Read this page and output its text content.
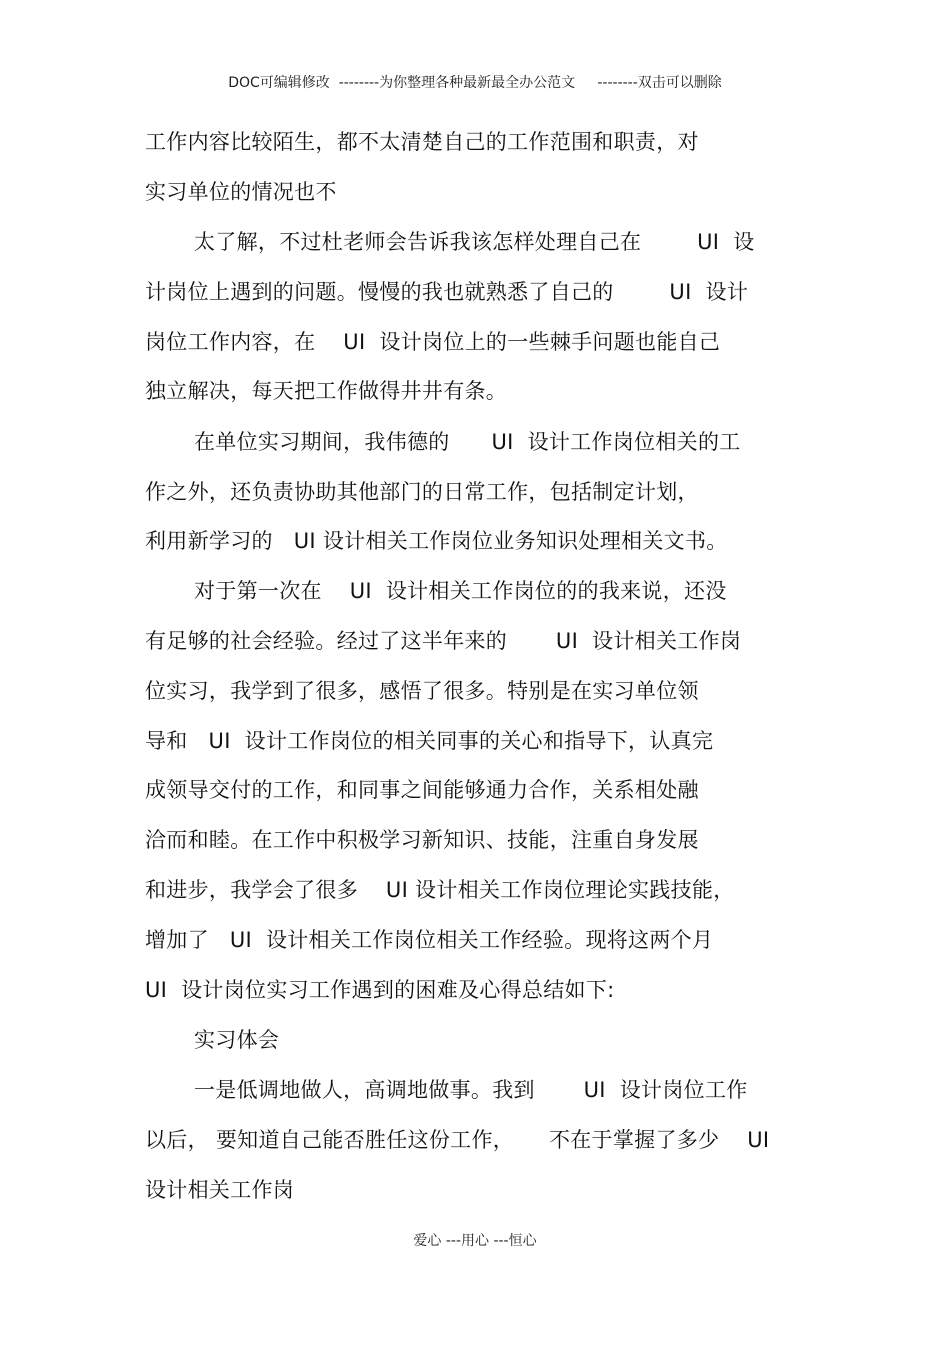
DOC可编辑修改  --------为你整理各种最新最全办公范文     --------双击可以删除
工作内容比较陌生，都不太清楚自己的工作范围和职责，对
实习单位的情况也不
太了解，不过杜老师会告诉我该怎样处理自己在        UI  设
计岗位上遇到的问题。慢慢的我也就熟悉了自己的        UI  设计
岗位工作内容，在    UI  设计岗位上的一些棘手问题也能自己
独立解决，每天把工作做得井井有条。
在单位实习期间，我伟德的      UI  设计工作岗位相关的工
作之外，还负责协助其他部门的日常工作，包括制定计划，
利用新学习的   UI 设计相关工作岗位业务知识处理相关文书。
对于第一次在    UI  设计相关工作岗位的的我来说，还没
有足够的社会经验。经过了这半年来的       UI  设计相关工作岗
位实习，我学到了很多，感悟了很多。特别是在实习单位领
导和   UI  设计工作岗位的相关同事的关心和指导下，认真完
成领导交付的工作，和同事之间能够通力合作，关系相处融
洽而和睦。在工作中积极学习新知识、技能，注重自身发展
和进步，我学会了很多    UI 设计相关工作岗位理论实践技能，
增加了   UI  设计相关工作岗位相关工作经验。现将这两个月
UI  设计岗位实习工作遇到的困难及心得总结如下:
实习体会
一是低调地做人，高调地做事。我到       UI  设计岗位工作
以后， 要知道自己能否胜任这份工作，     不在于掌握了多少    UI
设计相关工作岗
爱心 ---用心 ---恒心
